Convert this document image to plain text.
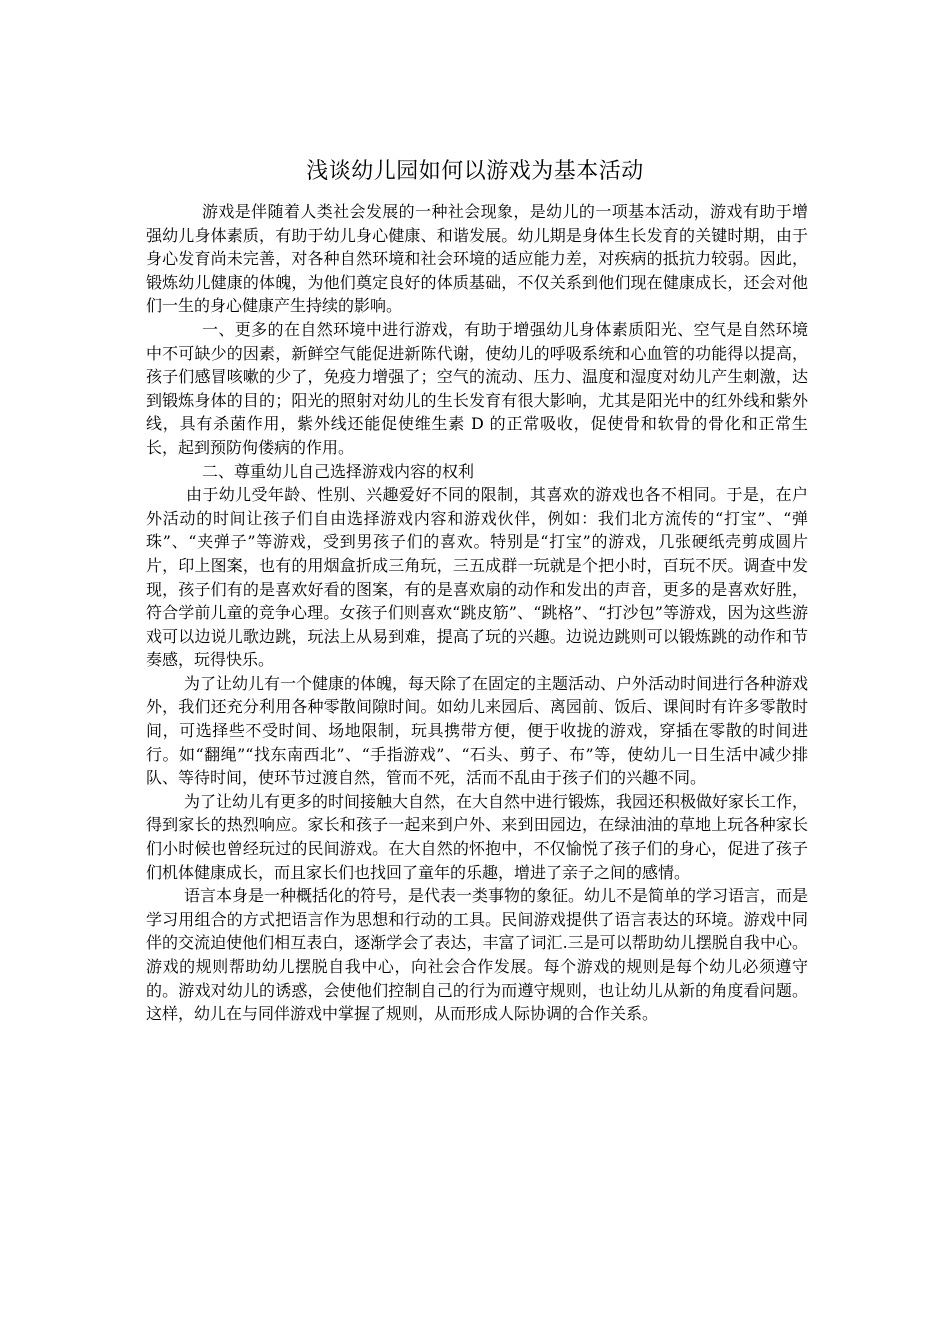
浅谈幼儿园如何以游戏为基本活动

游戏是伴随着人类社会发展的一种社会现象，是幼儿的一项基本活动，游戏有助于增强幼儿身体素质，有助于幼儿身心健康、和谐发展。幼儿期是身体生长发育的关键时期，由于身心发育尚未完善，对各种自然环境和社会环境的适应能力差，对疾病的抵抗力较弱。因此，锻炼幼儿健康的体魄，为他们奠定良好的体质基础，不仅关系到他们现在健康成长，还会对他们一生的身心健康产生持续的影响。

一、更多的在自然环境中进行游戏，有助于增强幼儿身体素质阳光、空气是自然环境中不可缺少的因素，新鲜空气能促进新陈代谢，使幼儿的呼吸系统和心血管的功能得以提高，孩子们感冒咳嗽的少了，免疫力增强了；空气的流动、压力、温度和湿度对幼儿产生刺激，达到锻炼身体的目的；阳光的照射对幼儿的生长发育有很大影响，尤其是阳光中的红外线和紫外线，具有杀菌作用，紫外线还能促使维生素 D 的正常吸收，促使骨和软骨的骨化和正常生长，起到预防佝偻病的作用。

二、尊重幼儿自己选择游戏内容的权利

由于幼儿受年龄、性别、兴趣爱好不同的限制，其喜欢的游戏也各不相同。于是，在户外活动的时间让孩子们自由选择游戏内容和游戏伙伴，例如：我们北方流传的“打宝”、“弹珠”、“夹弹子”等游戏，受到男孩子们的喜欢。特别是“打宝”的游戏，几张硬纸壳剪成圆片片，印上图案，也有的用烟盒折成三角玩，三五成群一玩就是个把小时，百玩不厌。调查中发现，孩子们有的是喜欢好看的图案，有的是喜欢扇的动作和发出的声音，更多的是喜欢好胜，符合学前儿童的竞争心理。女孩子们则喜欢“跳皮筋”、“跳格”、“打沙包”等游戏，因为这些游戏可以边说儿歌边跳，玩法上从易到难，提高了玩的兴趣。边说边跳则可以锻炼跳的动作和节奏感，玩得快乐。

为了让幼儿有一个健康的体魄，每天除了在固定的主题活动、户外活动时间进行各种游戏外，我们还充分利用各种零散间隙时间。如幼儿来园后、离园前、饭后、课间时有许多零散时间，可选择些不受时间、场地限制，玩具携带方便，便于收拢的游戏，穿插在零散的时间进行。如“翻绳”“找东南西北”、“手指游戏”、“石头、剪子、布”等，使幼儿一日生活中减少排队、等待时间，使环节过渡自然，管而不死，活而不乱由于孩子们的兴趣不同。

为了让幼儿有更多的时间接触大自然，在大自然中进行锻炼，我园还积极做好家长工作，得到家长的热烈响应。家长和孩子一起来到户外、来到田园边，在绿油油的草地上玩各种家长们小时候也曾经玩过的民间游戏。在大自然的怀抱中，不仅愉悦了孩子们的身心，促进了孩子们机体健康成长，而且家长们也找回了童年的乐趣，增进了亲子之间的感情。

语言本身是一种概括化的符号，是代表一类事物的象征。幼儿不是简单的学习语言，而是学习用组合的方式把语言作为思想和行动的工具。民间游戏提供了语言表达的环境。游戏中同伴的交流迫使他们相互表白，逐渐学会了表达，丰富了词汇.三是可以帮助幼儿摆脱自我中心。游戏的规则帮助幼儿摆脱自我中心，向社会合作发展。每个游戏的规则是每个幼儿必须遵守的。游戏对幼儿的诱惑，会使他们控制自己的行为而遵守规则，也让幼儿从新的角度看问题。这样，幼儿在与同伴游戏中掌握了规则，从而形成人际协调的合作关系。
